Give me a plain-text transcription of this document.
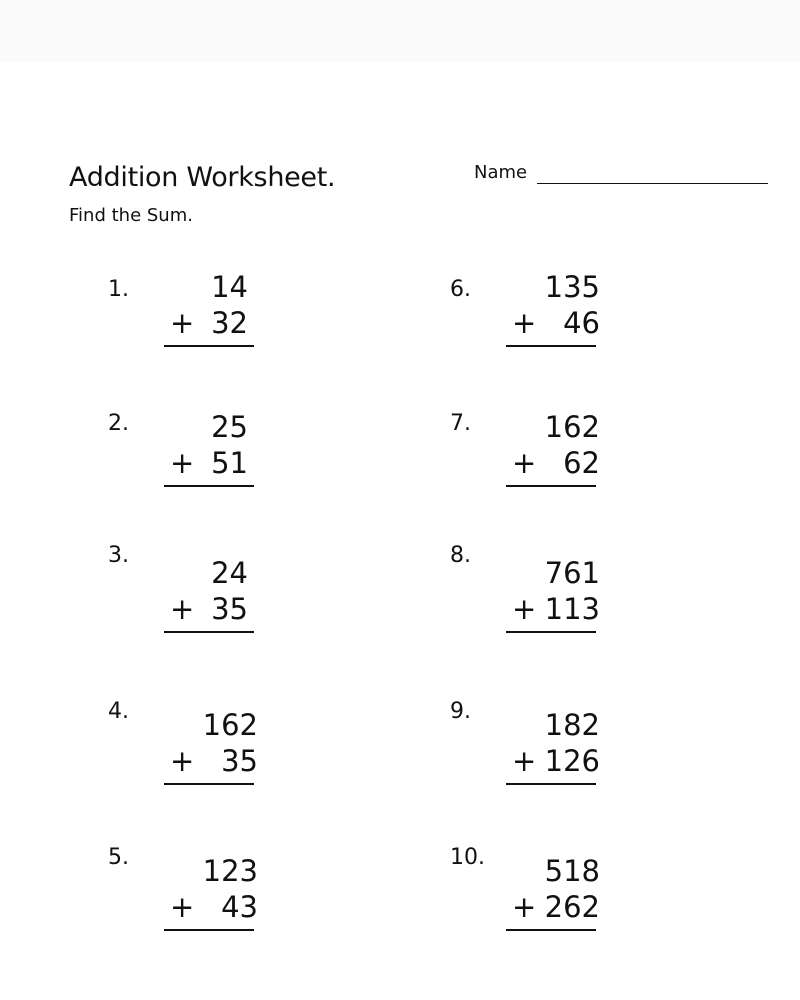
Addition Worksheet.
Find the Sum.
Name
1.	14
+ 32
2.	25
+ 51
3.
24
+ 35
4.	162
+ 35
5.	123
+ 43
6.	135
+ 46
7.	162
+ 62
8.
761
+ 113
9.	182
+ 126
10.	518
+ 262
